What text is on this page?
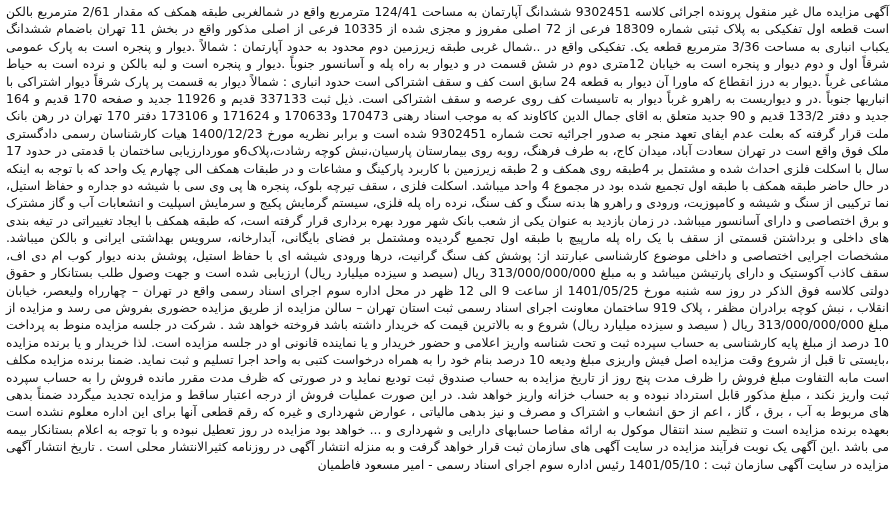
آگهی مزایده مال غیر منقول پرونده اجرائی کلاسه 9302451 ششدانگ آپارتمان به مساحت 124/41 مترمربع واقع در شمالغربی طبقه همکف که مقدار 2/61 مترمربع بالکن است قطعه اول تفکیکی به پلاک ثبتی شماره 18309 فرعی از 72 اصلی مفروز و مجزی شده از 10335 فرعی از اصلی مذکور واقع در بخش 11 تهران باضمام ششدانگ یکباب انباری به مساحت 3/36 مترمربع قطعه یک. تفکیکی واقع در ..شمال غربی طبقه زیرزمین دوم محدود به حدود آپارتمان : شمالاً .دیوار و پنجره است به پارک عمومی شرقاً اول و دوم دیوار و پنجره است به خیابان 12متری دوم در شش قسمت در و دیوار به راه پله و آسانسور جنوباً .دیوار و پنجره است و لبه بالکن و نرده است به حیاط مشاعی غرباً .دیوار به درز انقطاع که ماورا آن دیوار به قطعه 24 سابق است کف و سقف اشتراکی است حدود انباری : شمالاً دیوار به قسمت پر پارک شرقاً دیوار اشتراکی با انباریها جنوباً .در و دیواریست به راهرو غرباً دیوار به تاسیسات کف روی عرصه و سقف اشتراکی است. ذیل ثبت 337133 قدیم و 11926 جدید و صفحه 170 قدیم و 164 جدید و دفتر 133/2 قدیم و 90 جدید متعلق به اقای جمال الدین کاکاوند که به موجب اسناد رهنی 170473 و170633 و 171624 و 173106 دفتر 170 تهران در رهن بانک ملت قرار گرفته که بعلت عدم ایفای تعهد منجر به صدور اجرائیه تحت شماره 9302451 شده است و برابر نظریه مورخ 1400/12/23 هیات کارشناسان رسمی دادگستری ملک فوق واقع است در تهران سعادت آباد، میدان کاج، به طرف فرهنگ، روبه روی بیمارستان پارسیان،نبش کوچه رشادت،پلاک6و موردارزیابی ساختمان با قدمتی در حدود 17 سال با اسکلت فلزی احداث شده و مشتمل بر 4طبقه روی همکف و 2 طبقه زیرزمین با کاربرد پارکینگ و مشاعات و در طبقات همکف الی چهارم یک واحد که با توجه به اینکه در حال حاضر طبقه همکف با طبقه اول تجمیع شده بود در مجموع 4 واحد میباشد. اسکلت فلزی ، سقف تیرچه بلوک، پنجره ها پی وی سی با شیشه دو جداره و حفاظ استیل، نما ترکیبی از سنگ و شیشه و کامپوزیت، ورودی و راهرو ها بدنه سنگ و کف سنگ، نرده راه پله فلزی، سیستم گرمایش پکیج و سرمایش اسپلیت و انشعابات آب و گاز مشترک و برق اختصاصی و دارای آسانسور میباشد. در زمان بازدید به عنوان یکی از شعب بانک شهر مورد بهره برداری قرار گرفته است، که طبقه همکف با ایجاد تغییراتی در تیغه بندی های داخلی و برداشتن قسمتی از سقف با یک راه پله مارپیچ با طبقه اول تجمیع گردیده ومشتمل بر فضای بایگانی، آبدارخانه، سرویس بهداشتی ایرانی و بالکن میباشد. مشخصات اجرایی اختصاصی و داخلی موضوع کارشناسی عبارتند از: پوشش کف سنگ گرانیت، درها ورودی شیشه ای با حفاظ استیل، پوشش بدنه دیوار کوب ام دی اف، سقف کاذب آکوستیک و دارای پارتیشن میباشد و به مبلغ 313/000/000/000 ریال (سیصد و سیزده میلیارد ریال) ارزیابی شده است و جهت وصول طلب بستانکار و حقوق دولتی کلاسه فوق الذکر در روز سه شنبه مورخ 1401/05/25 از ساعت 9 الی 12 ظهر در محل اداره سوم اجرای اسناد رسمی واقع در تهران – چهارراه ولیعصر، خیابان انقلاب ، نبش کوچه برادران مظفر ، پلاک 919 ساختمان معاونت اجرای اسناد رسمی ثبت استان تهران – سالن مزایده از طریق مزایده حضوری بفروش می رسد و مزایده از مبلغ 313/000/000/000 ریال ( سیصد و سیزده میلیارد ریال) شروع و به بالاترین قیمت که خریدار داشته باشد فروخته خواهد شد . شرکت در جلسه مزایده منوط به پرداخت 10 درصد از مبلغ پایه کارشناسی به حساب سپرده ثبت و تحت شناسه واریز اعلامی و حضور خریدار و یا نماینده قانونی او در جلسه مزایده است. لذا خریدار و یا برنده مزایده ،بایستی تا قبل از شروع وقت مزایده اصل فیش واریزی مبلغ ودیعه 10 درصد بنام خود را به همراه درخواست کتبی به واحد اجرا تسلیم و ثبت نماید. ضمنا برنده مزایده مکلف است مابه التفاوت مبلغ فروش را ظرف مدت پنج روز از تاریخ مزایده به حساب صندوق ثبت تودیع نماید و در صورتی که ظرف مدت مقرر مانده فروش را به حساب سپرده ثبت واریز نکند ، مبلغ مذکور قابل استرداد نبوده و به حساب خزانه واریز خواهد شد. در این صورت عملیات فروش از درجه اعتبار ساقط و مزایده تجدید میگردد ضمناً بدهی های مربوط به آب ، برق ، گاز ، اعم از حق انشعاب و اشتراک و مصرف و نیز بدهی مالیاتی ، عوارض شهرداری و غیره که رقم قطعی آنها برای این اداره معلوم نشده است بعهده برنده مزایده است و تنظیم سند انتقال موکول به ارائه مفاصا حسابهای دارایی و شهرداری و ... خواهد بود مزایده در روز تعطیل نبوده و با توجه به اعلام بستانکار بیمه می باشد .این آگهی یک نوبت فرآیند مزایده در سایت آگهی های سازمان ثبت قرار خواهد گرفت و به منزله انتشار آگهی در روزنامه کثیرالانتشار محلی است . تاریخ انتشار آگهی مزایده در سایت آگهی سازمان ثبت : 1401/05/10 رئیس اداره سوم اجرای اسناد رسمی - امیر مسعود فاطمیان
